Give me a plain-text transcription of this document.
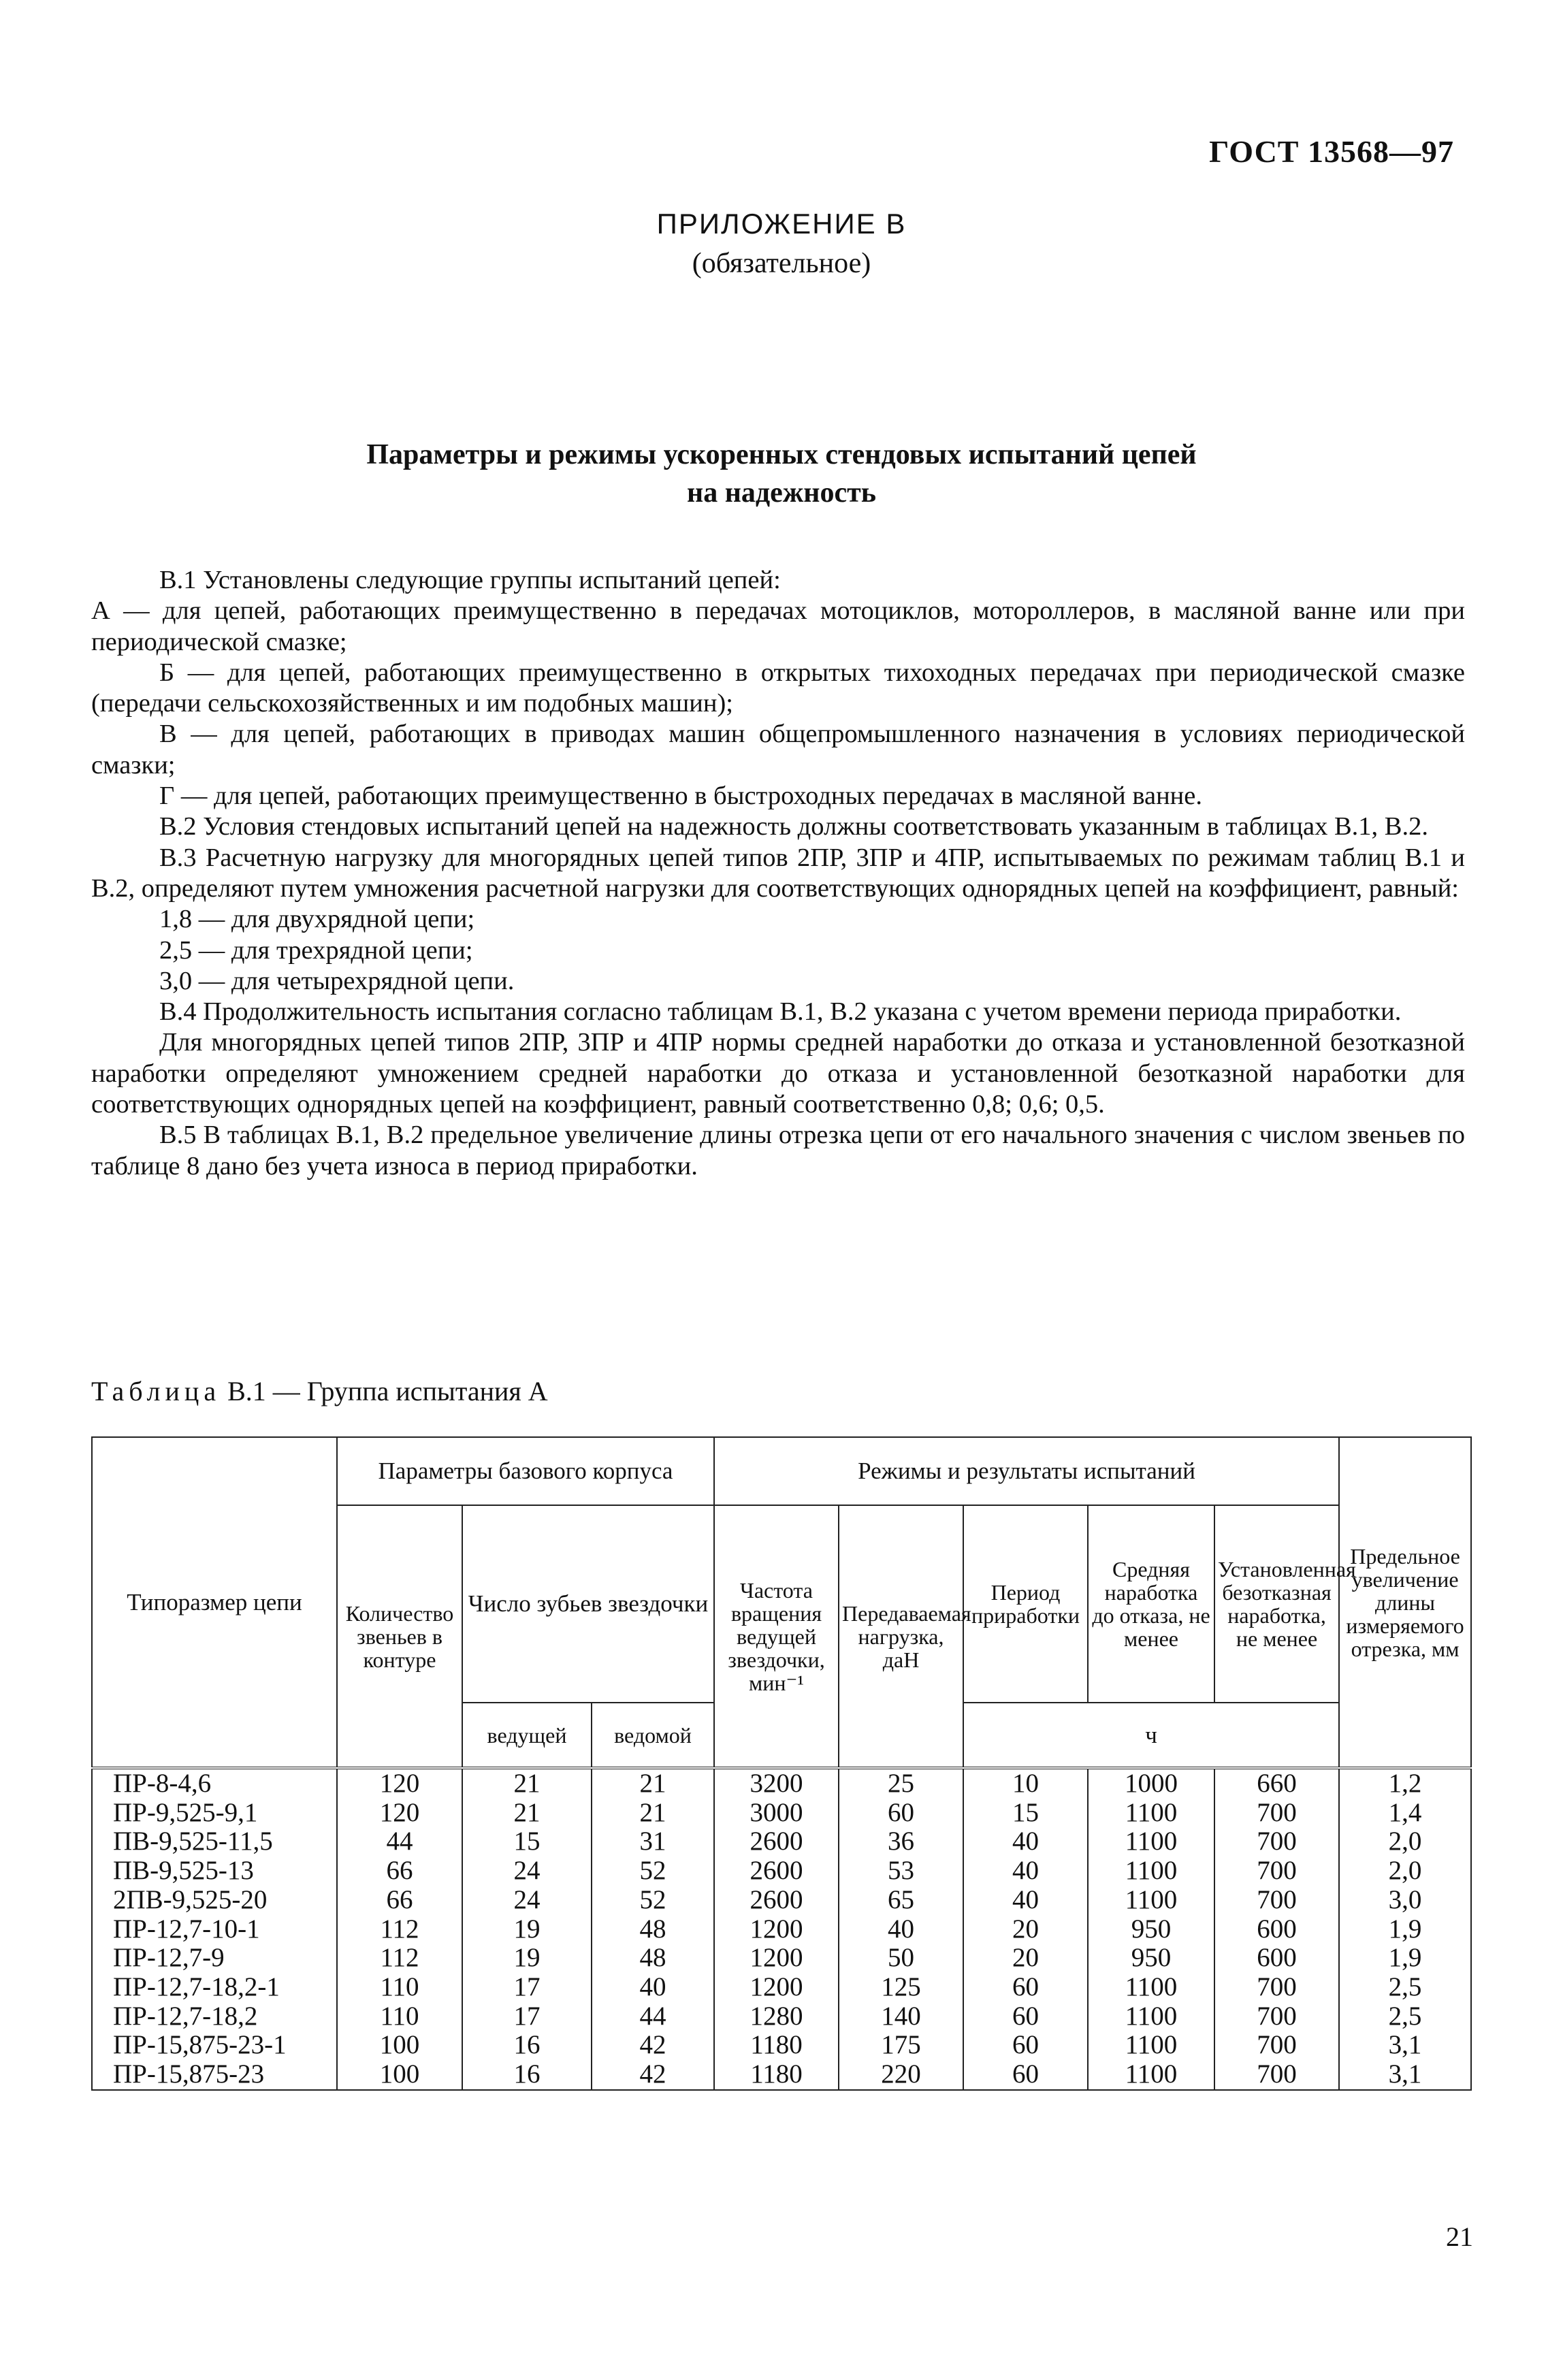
ГОСТ 13568—97
ПРИЛОЖЕНИЕ В
(обязательное)
Параметры и режимы ускоренных стендовых испытаний цепей
на надежность

В.1 Установлены следующие группы испытаний цепей:

А — для цепей, работающих преимущественно в передачах мотоциклов, мотороллеров, в масляной ванне или при периодической смазке;

Б — для цепей, работающих преимущественно в открытых тихоходных передачах при периодической смазке (передачи сельскохозяйственных и им подобных машин);

В — для цепей, работающих в приводах машин общепромышленного назначения в условиях периодической смазки;

Г — для цепей, работающих преимущественно в быстроходных передачах в масляной ванне.

В.2 Условия стендовых испытаний цепей на надежность должны соответствовать указанным в таблицах В.1, В.2.

В.3 Расчетную нагрузку для многорядных цепей типов 2ПР, 3ПР и 4ПР, испытываемых по режимам таблиц В.1 и В.2, определяют путем умножения расчетной нагрузки для соответствующих однорядных цепей на коэффициент, равный:

1,8 — для двухрядной цепи;

2,5 — для трехрядной цепи;

3,0 — для четырехрядной цепи.

В.4 Продолжительность испытания согласно таблицам В.1, В.2 указана с учетом времени периода приработки.

Для многорядных цепей типов 2ПР, 3ПР и 4ПР нормы средней наработки до отказа и установленной безотказной наработки определяют умножением средней наработки до отказа и установленной безотказной наработки для соответствующих однорядных цепей на коэффициент, равный соответственно 0,8; 0,6; 0,5.

В.5 В таблицах В.1, В.2 предельное увеличение длины отрезка цепи от его начального значения с числом звеньев по таблице 8 дано без учета износа в период приработки.

Таблица В.1 — Группа испытания А
Типоразмер цепи	Параметры базового корпуса			Режимы и результаты испытаний					Предельное увеличение длины измеряемого отрезка, мм
	Количество звеньев в контуре	Число зубьев звездочки		Частота вращения ведущей звездочки, мин⁻¹	Передаваемая нагрузка, даН	Период приработки	Средняя наработка до отказа, не менее	Установленная безотказная наработка, не менее	
		ведущей	ведомой			ч			
ПР-8-4,6	120	21	21	3200	25	10	1000	660	1,2
ПР-9,525-9,1	120	21	21	3000	60	15	1100	700	1,4
ПВ-9,525-11,5	44	15	31	2600	36	40	1100	700	2,0
ПВ-9,525-13	66	24	52	2600	53	40	1100	700	2,0
2ПВ-9,525-20	66	24	52	2600	65	40	1100	700	3,0
ПР-12,7-10-1	112	19	48	1200	40	20	950	600	1,9
ПР-12,7-9	112	19	48	1200	50	20	950	600	1,9
ПР-12,7-18,2-1	110	17	40	1200	125	60	1100	700	2,5
ПР-12,7-18,2	110	17	44	1280	140	60	1100	700	2,5
ПР-15,875-23-1	100	16	42	1180	175	60	1100	700	3,1
ПР-15,875-23	100	16	42	1180	220	60	1100	700	3,1
21
